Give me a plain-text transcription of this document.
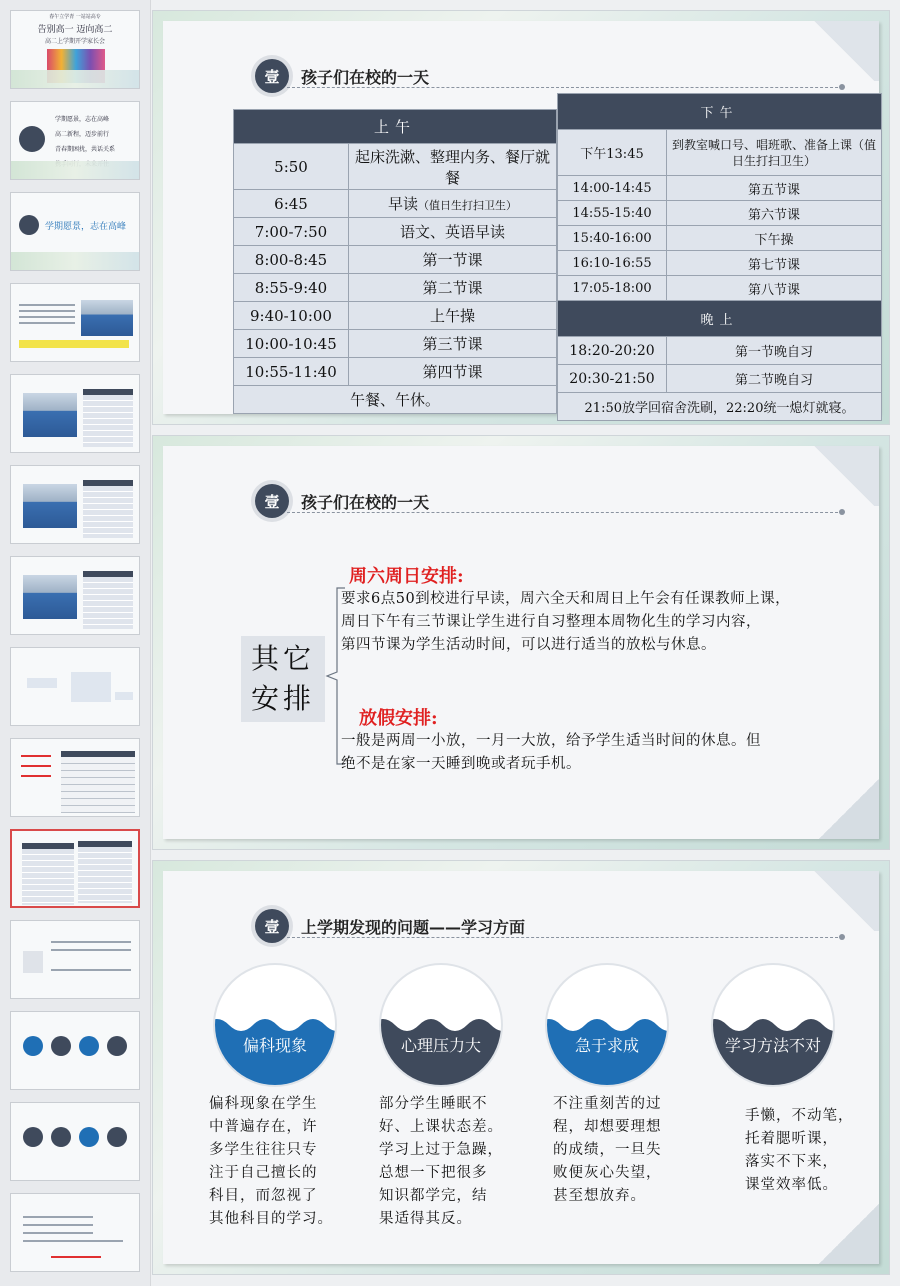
春午立学青 一站站高专
告别高一 迈向高二
高二上学期开学家长会
学期愿景，志在高峰
高二新程，迈步前行
青春期困扰，共话关系
学期愿景，志在高峰
壹	孩子们在校的一天
上午	
5:50	起床洗漱、整理内务、餐厅就餐
6:45	早读（值日生打扫卫生）
7:00-7:50	语文、英语早读
8:00-8:45	第一节课
8:55-9:40	第二节课
9:40-10:00	上午操
10:00-10:45	第三节课
10:55-11:40	第四节课
午餐、午休。	
下午	
下午13:45	到教室喊口号、唱班歌、准备上课（值日生打扫卫生）
14:00-14:45	第五节课
14:55-15:40	第六节课
15:40-16:00	下午操
16:10-16:55	第七节课
17:05-18:00	第八节课
晚上	
18:20-20:20	第一节晚自习
20:30-21:50	第二节晚自习
21:50放学回宿舍洗刷，22:20统一熄灯就寝。	
壹	孩子们在校的一天
其它
安排
周六周日安排:
要求6点50到校进行早读，周六全天和周日上午会有任课教师上课，
周日下午有三节课让学生进行自习整理本周物化生的学习内容，
第四节课为学生活动时间，可以进行适当的放松与休息。
放假安排:
一般是两周一小放，一月一大放，给予学生适当时间的休息。但
绝不是在家一天睡到晚或者玩手机。
壹	上学期发现的问题——学习方面
偏科现象	心理压力大	急于求成	学习方法不对
偏科现象在学生
中普遍存在，许
多学生往往只专
注于自己擅长的
科目，而忽视了
其他科目的学习。
部分学生睡眠不
好、上课状态差。
学习上过于急躁，
总想一下把很多
知识都学完，结
果适得其反。
不注重刻苦的过
程，却想要理想
的成绩，一旦失
败便灰心失望，
甚至想放弃。
手懒，不动笔，
托着腮听课，
落实不下来，
课堂效率低。
